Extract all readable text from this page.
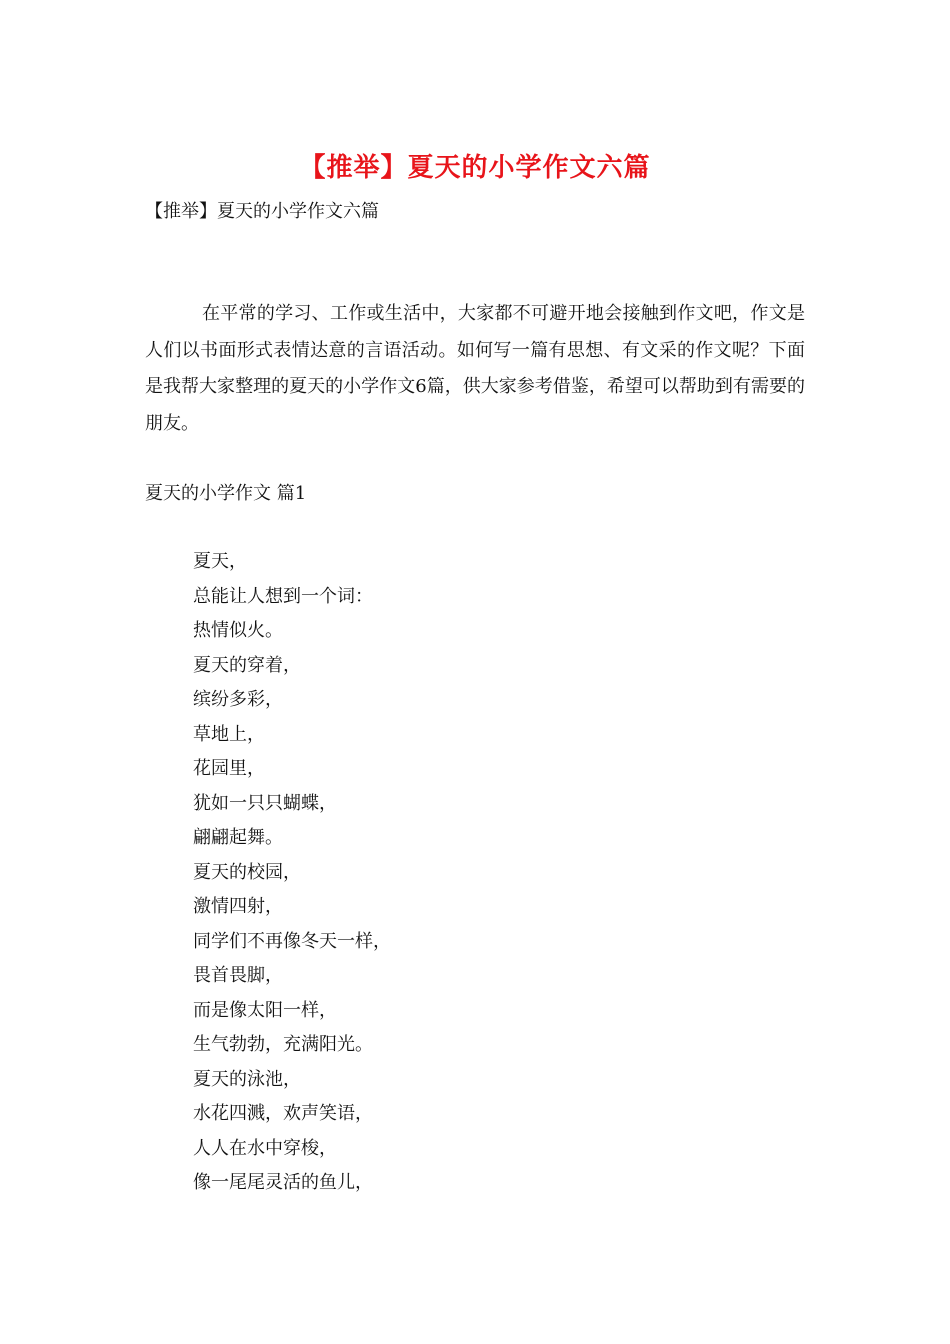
【推举】夏天的小学作文六篇
【推举】夏天的小学作文六篇

在平常的学习、工作或生活中，大家都不可避开地会接触到作文吧，作文是人们以书面形式表情达意的言语活动。如何写一篇有思想、有文采的作文呢？下面是我帮大家整理的夏天的小学作文6篇，供大家参考借鉴，希望可以帮助到有需要的朋友。

夏天的小学作文 篇1
夏天，
总能让人想到一个词：
热情似火。
夏天的穿着，
缤纷多彩，
草地上，
花园里，
犹如一只只蝴蝶，
翩翩起舞。
夏天的校园，
激情四射，
同学们不再像冬天一样，
畏首畏脚，
而是像太阳一样，
生气勃勃，充满阳光。
夏天的泳池，
水花四溅，欢声笑语，
人人在水中穿梭，
像一尾尾灵活的鱼儿，
